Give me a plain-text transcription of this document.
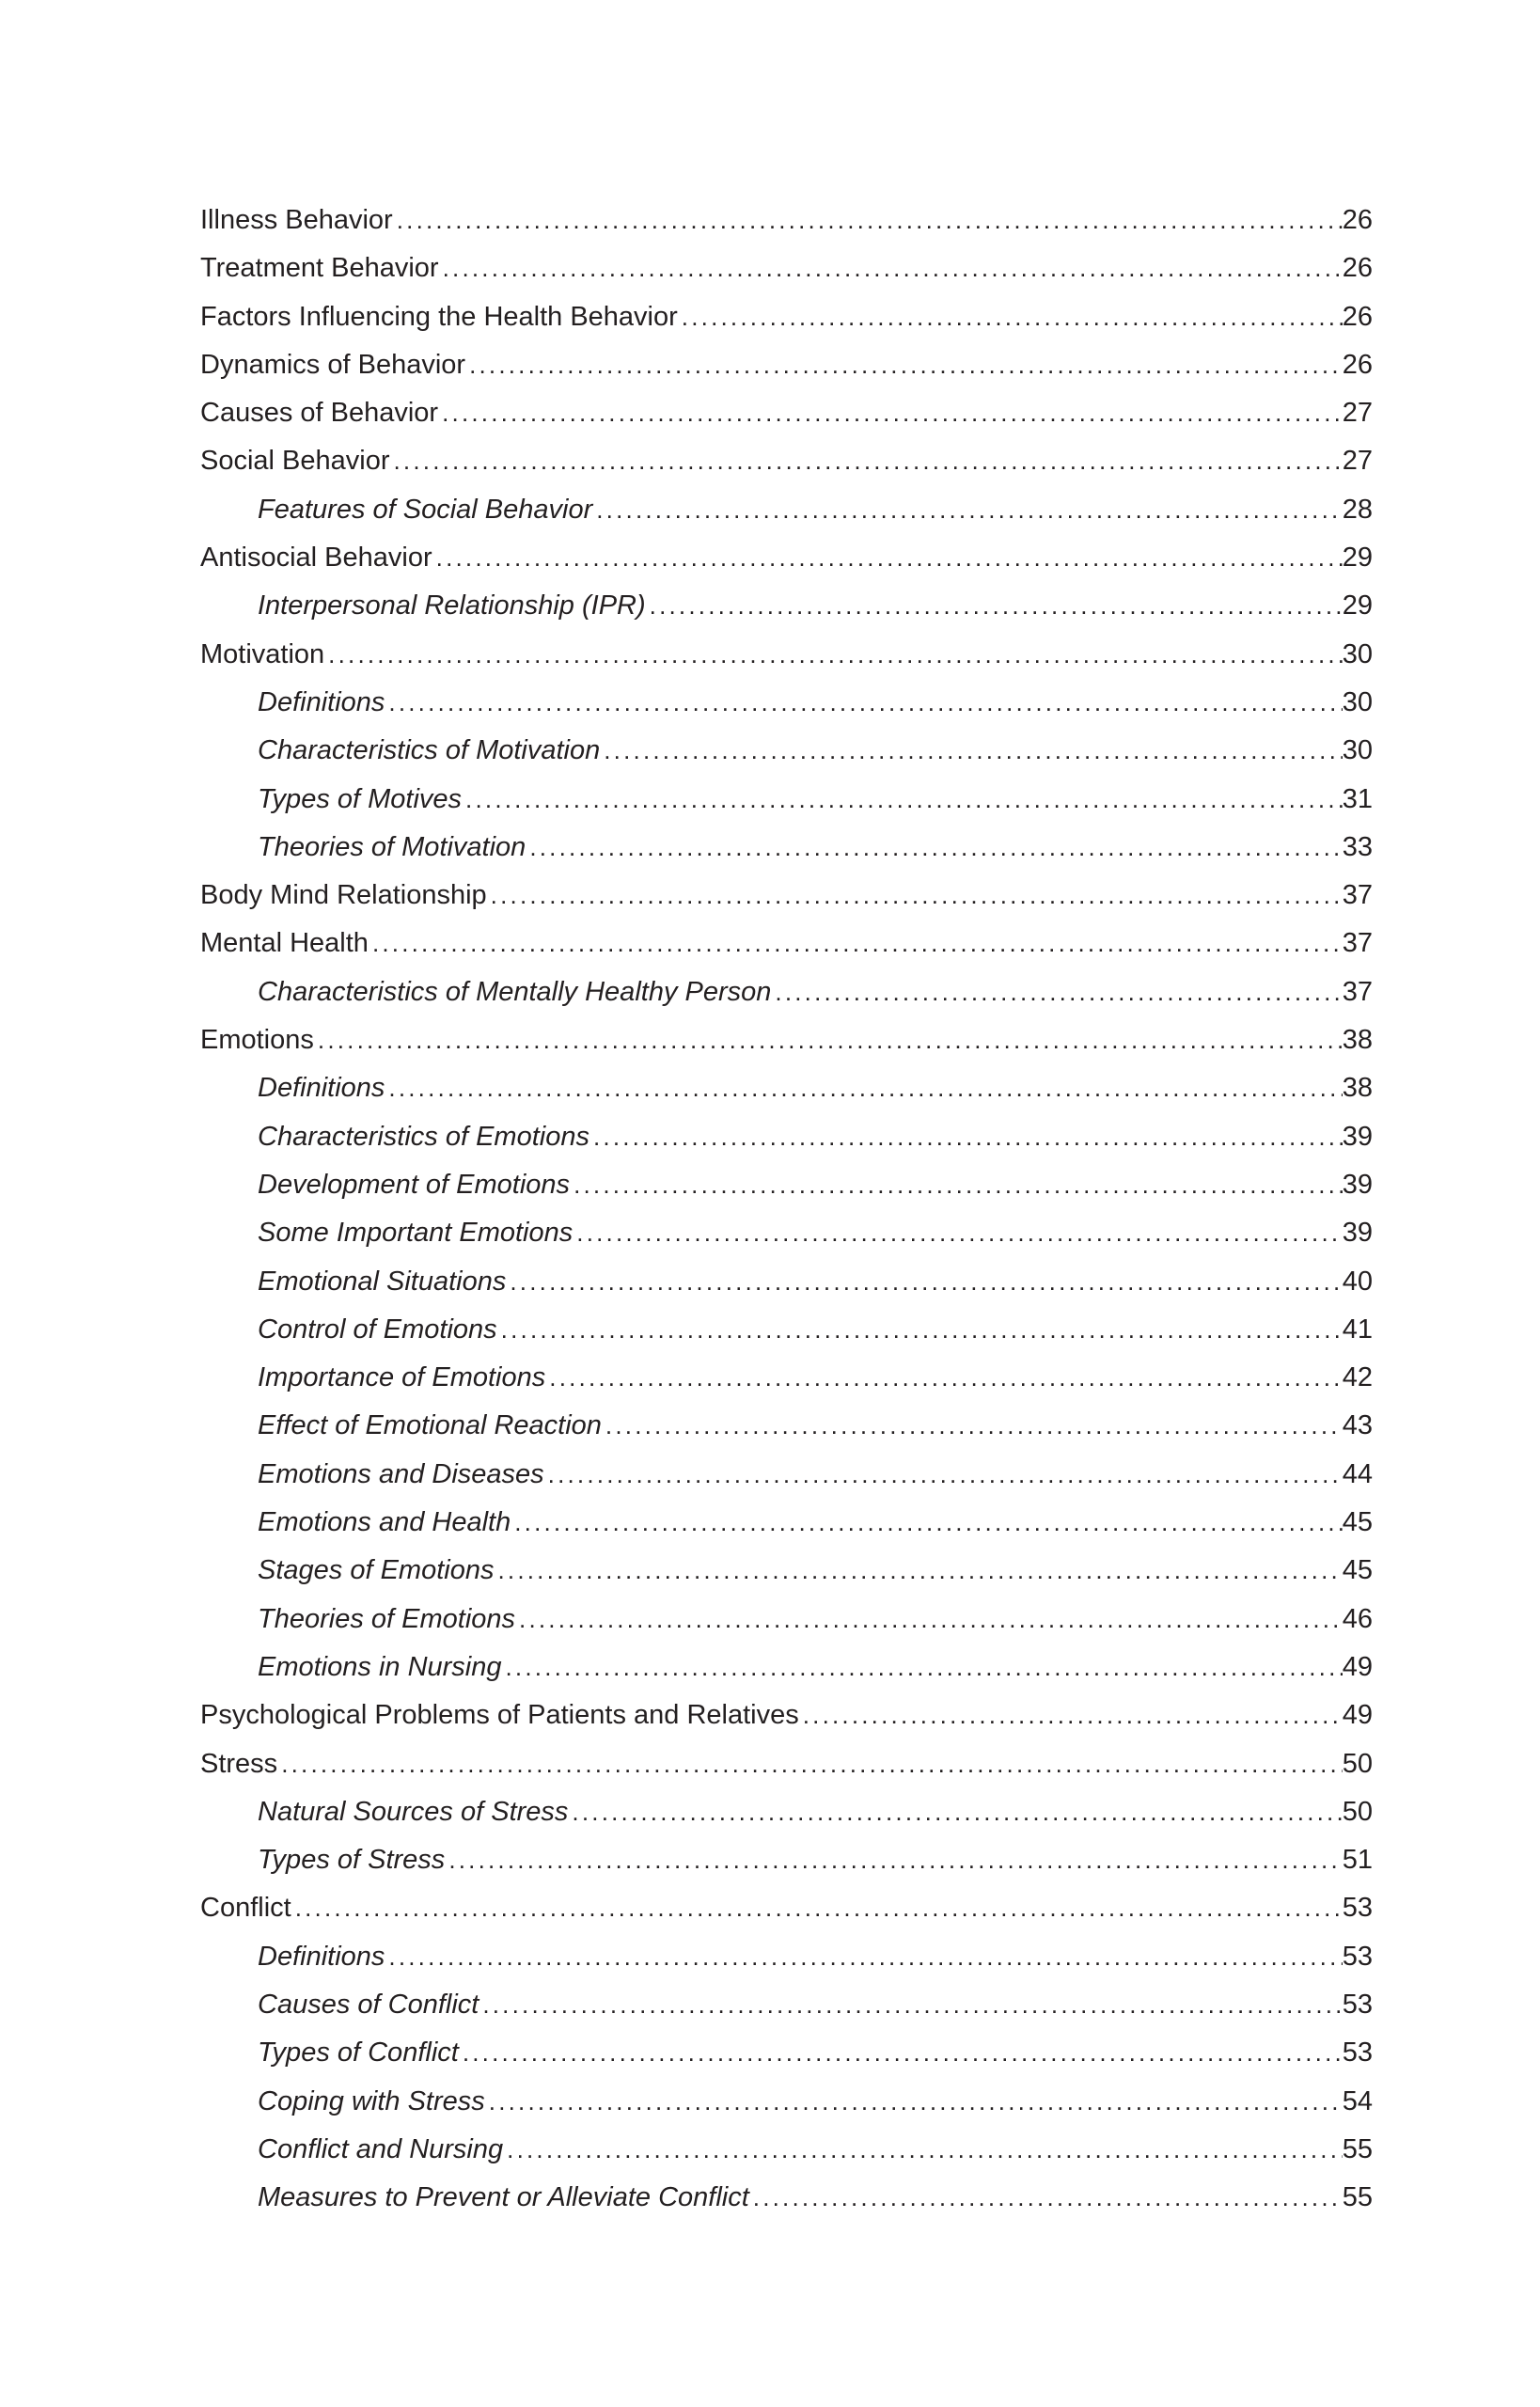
Illness Behavior .....	26
Treatment Behavior .....	26
Factors Influencing the Health Behavior .....	26
Dynamics of Behavior .....	26
Causes of Behavior .....	27
Social Behavior .....	27
Features of Social Behavior .....	28
Antisocial Behavior .....	29
Interpersonal Relationship (IPR) .....	29
Motivation .....	30
Definitions .....	30
Characteristics of Motivation .....	30
Types of Motives .....	31
Theories of Motivation .....	33
Body Mind Relationship .....	37
Mental Health .....	37
Characteristics of Mentally Healthy Person .....	37
Emotions .....	38
Definitions .....	38
Characteristics of Emotions .....	39
Development of Emotions .....	39
Some Important Emotions .....	39
Emotional Situations .....	40
Control of Emotions .....	41
Importance of Emotions .....	42
Effect of Emotional Reaction .....	43
Emotions and Diseases .....	44
Emotions and Health .....	45
Stages of Emotions .....	45
Theories of Emotions .....	46
Emotions in Nursing .....	49
Psychological Problems of Patients and Relatives .....	49
Stress .....	50
Natural Sources of Stress .....	50
Types of Stress .....	51
Conflict .....	53
Definitions .....	53
Causes of Conflict .....	53
Types of Conflict .....	53
Coping with Stress .....	54
Conflict and Nursing .....	55
Measures to Prevent or Alleviate Conflict .....	55
